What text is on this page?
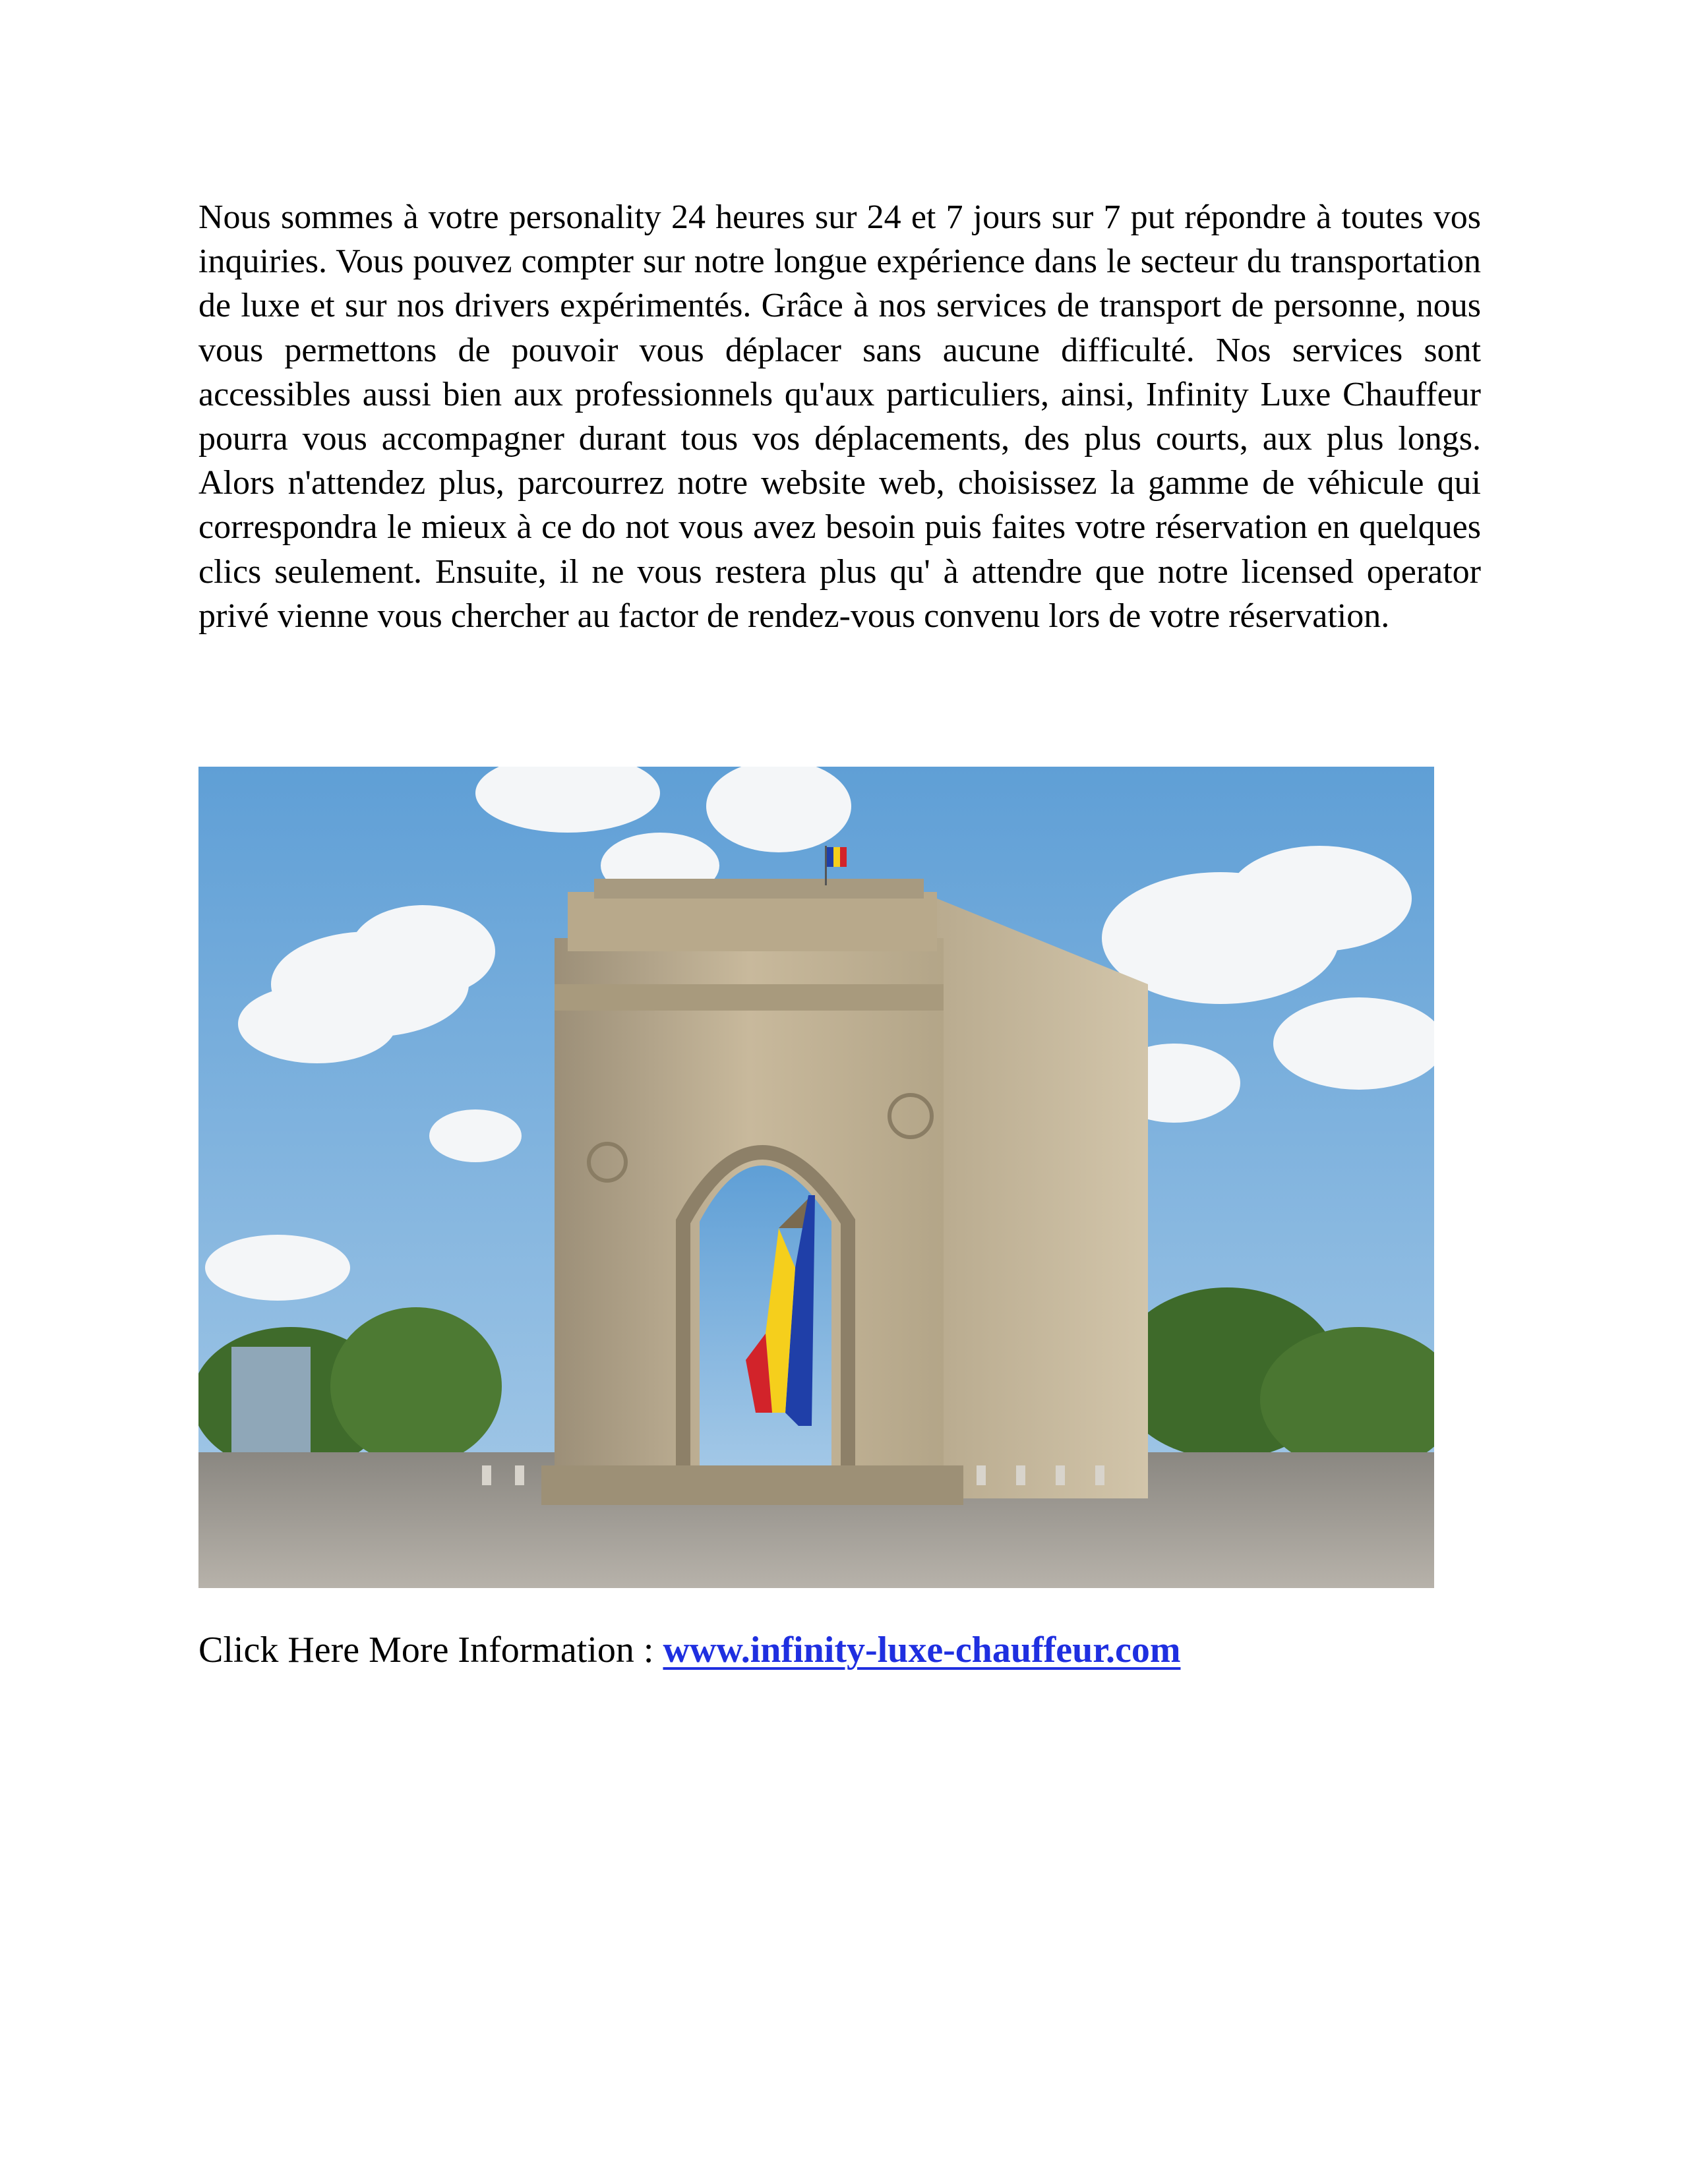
Nous sommes à votre personality 24 heures sur 24 et 7 jours sur 7 put répondre à toutes vos inquiries. Vous pouvez compter sur notre longue expérience dans le secteur du transportation de luxe et sur nos drivers expérimentés. Grâce à nos services de transport de personne, nous vous permettons de pouvoir vous déplacer sans aucune difficulté. Nos services sont accessibles aussi bien aux professionnels qu'aux particuliers, ainsi, Infinity Luxe Chauffeur pourra vous accompagner durant tous vos déplacements, des plus courts, aux plus longs. Alors n'attendez plus, parcourrez notre website web, choisissez la gamme de véhicule qui correspondra le mieux à ce do not vous avez besoin puis faites votre réservation en quelques clics seulement. Ensuite, il ne vous restera plus qu' à attendre que notre licensed operator privé vienne vous chercher au factor de rendez-vous convenu lors de votre réservation.

Click Here More Information : www.infinity-luxe-chauffeur.com
